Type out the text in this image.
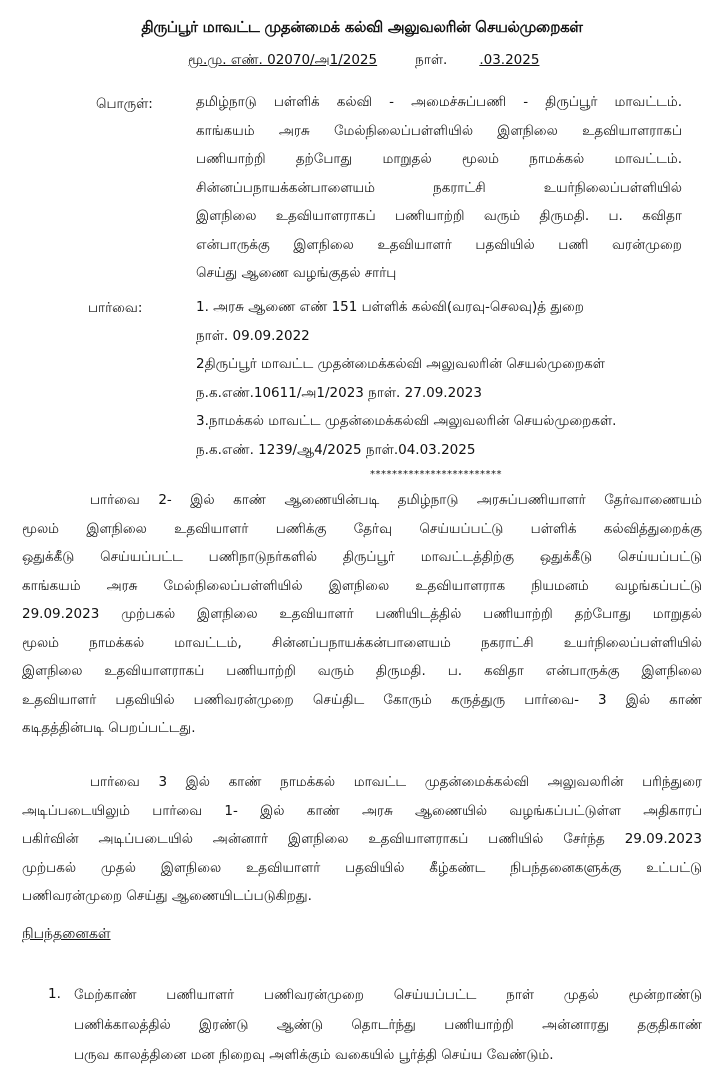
திருப்பூர் மாவட்ட முதன்மைக் கல்வி அலுவலரின் செயல்முறைகள்
மூ.மு. எண். 02070/அ1/2025	நாள்.	.03.2025
பொருள்:	தமிழ்நாடு பள்ளிக் கல்வி - அமைச்சுப்பணி - திருப்பூர் மாவட்டம்.
காங்கயம் அரசு மேல்நிலைப்பள்ளியில் இளநிலை உதவியாளராகப்
பணியாற்றி தற்போது மாறுதல் மூலம் நாமக்கல் மாவட்டம்.
சின்னப்பநாயக்கன்பாளையம் நகராட்சி உயர்நிலைப்பள்ளியில்
இளநிலை உதவியாளராகப் பணியாற்றி வரும் திருமதி. ப. கவிதா
என்பாருக்கு இளநிலை உதவியாளர் பதவியில் பணி வரன்முறை
செய்து ஆணை வழங்குதல் சார்பு
பார்வை:	1. அரசு ஆணை எண் 151 பள்ளிக் கல்வி(வரவு-செலவு)த் துறை
நாள். 09.09.2022
2திருப்பூர் மாவட்ட முதன்மைக்கல்வி அலுவலரின் செயல்முறைகள்
ந.க.எண்.10611/அ1/2023 நாள். 27.09.2023
3.நாமக்கல் மாவட்ட முதன்மைக்கல்வி அலுவலரின் செயல்முறைகள்.
ந.க.எண். 1239/ஆ4/2025 நாள்.04.03.2025
************************
பார்வை 2- இல் காண் ஆணையின்படி தமிழ்நாடு அரசுப்பணியாளர் தேர்வாணையம்
மூலம் இளநிலை உதவியாளர் பணிக்கு தேர்வு செய்யப்பட்டு பள்ளிக் கல்வித்துறைக்கு
ஒதுக்கீடு செய்யப்பட்ட பணிநாடுநர்களில் திருப்பூர் மாவட்டத்திற்கு ஒதுக்கீடு செய்யப்பட்டு
காங்கயம் அரசு மேல்நிலைப்பள்ளியில் இளநிலை உதவியாளராக நியமனம் வழங்கப்பட்டு
29.09.2023 முற்பகல் இளநிலை உதவியாளர் பணியிடத்தில் பணியாற்றி தற்போது மாறுதல்
மூலம் நாமக்கல் மாவட்டம், சின்னப்பநாயக்கன்பாளையம் நகராட்சி உயர்நிலைப்பள்ளியில்
இளநிலை உதவியாளராகப் பணியாற்றி வரும் திருமதி. ப. கவிதா என்பாருக்கு இளநிலை
உதவியாளர் பதவியில் பணிவரன்முறை செய்திட கோரும் கருத்துரு பார்வை- 3 இல் காண்
கடிதத்தின்படி பெறப்பட்டது.
பார்வை 3 இல் காண் நாமக்கல் மாவட்ட முதன்மைக்கல்வி அலுவலரின் பரிந்துரை
அடிப்படையிலும் பார்வை 1- இல் காண் அரசு ஆணையில் வழங்கப்பட்டுள்ள அதிகாரப்
பகிர்வின் அடிப்படையில் அன்னார் இளநிலை உதவியாளராகப் பணியில் சேர்ந்த 29.09.2023
முற்பகல் முதல் இளநிலை உதவியாளர் பதவியில் கீழ்கண்ட நிபந்தனைகளுக்கு உட்பட்டு
பணிவரன்முறை செய்து ஆணையிடப்படுகிறது.
நிபந்தனைகள்
1. மேற்காண் பணியாளர் பணிவரன்முறை செய்யப்பட்ட நாள் முதல் மூன்றாண்டு
பணிக்காலத்தில் இரண்டு ஆண்டு தொடர்ந்து பணியாற்றி அன்னாரது தகுதிகாண்
பருவ காலத்தினை மன நிறைவு அளிக்கும் வகையில் பூர்த்தி செய்ய வேண்டும்.
